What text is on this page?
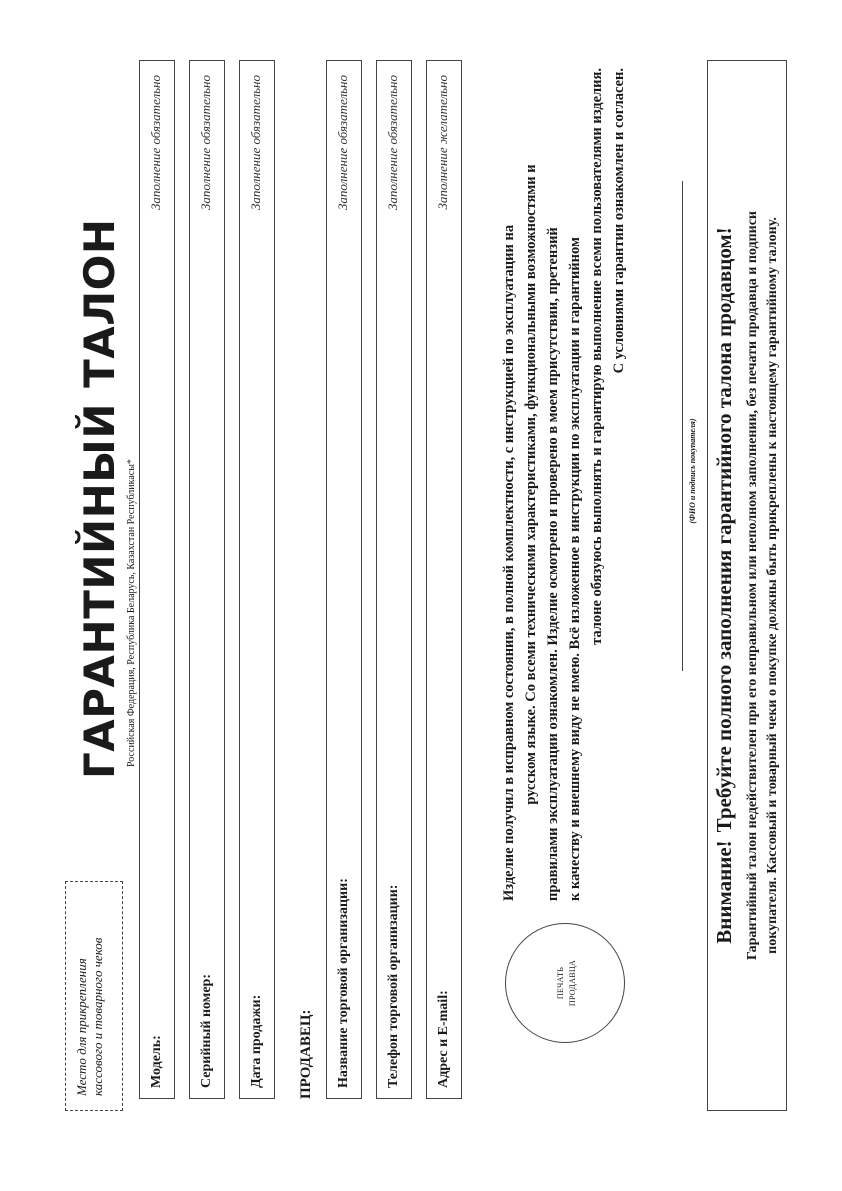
Место для прикрепления кассового и товарного чеков
ГАРАНТИЙНЫЙ ТАЛОН Российская Федерация, Республика Беларусь, Казахстан Республикасы*
Модель:
Заполнение обязательно
Серийный номер:
Заполнение обязательно
Дата продажи:
Заполнение обязательно
ПРОДАВЕЦ: Название торговой организации:
Заполнение обязательно
Телефон торговой организации:
Заполнение обязательно
Адрес и E-mail:
Заполнение желательно
ПЕЧАТЬ ПРОДАВЦА
Изделие получил в исправном состоянии, в полной комплектности, с инструкцией по эксплуатации на русском языке. Со всеми техническими характеристиками, функциональными возможностями и правилами эксплуатации ознакомлен. Изделие осмотрено и проверено в моем присутствии, претензий к качеству и внешнему виду не имею. Всё изложенное в инструкции по эксплуатации и гарантийном талоне обязуюсь выполнять и гарантирую выполнение всеми пользователями изделия. С условиями гарантии ознакомлен и согласен.
(ФИО и подпись покупателя)
Внимание!Требуйте полного заполнения гарантийного талона продавцом! Гарантийный талон недействителен при его неправильном или неполном заполнении, без печати продавца и подписи покупателя. Кассовый и товарный чеки о покупке должны быть прикреплены к настоящему гарантийному талону.
